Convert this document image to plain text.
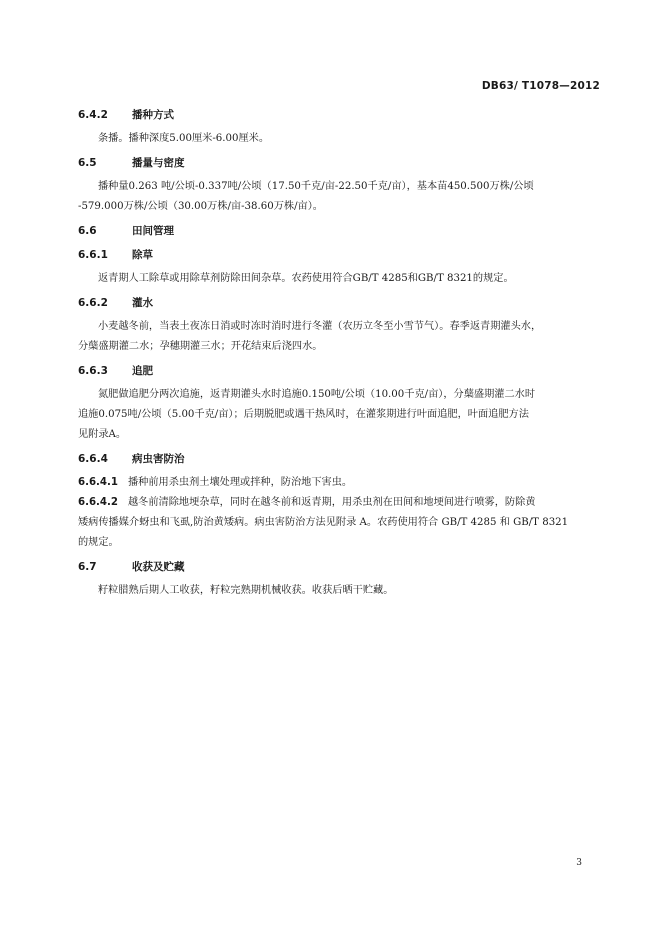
DB63/ T1078—2012

6.4.2 播种方式

条播。播种深度5.00厘米-6.00厘米。

6.5	播量与密度

播种量0.263 吨/公顷-0.337吨/公顷（17.50千克/亩-22.50千克/亩），基本苗450.500万株/公顷

-579.000万株/公顷（30.00万株/亩-38.60万株/亩）。

6.6	田间管理

6.6.1 除草

返青期人工除草或用除草剂防除田间杂草。农药使用符合GB/T 4285和GB/T 8321的规定。

6.6.2 灌水

小麦越冬前，当表土夜冻日消或时冻时消时进行冬灌（农历立冬至小雪节气）。春季返青期灌头水，

分蘖盛期灌二水；孕穗期灌三水；开花结束后浇四水。

6.6.3 追肥

氮肥做追肥分两次追施，返青期灌头水时追施0.150吨/公顷（10.00千克/亩），分蘖盛期灌二水时

追施0.075吨/公顷（5.00千克/亩）；后期脱肥或遇干热风时，在灌浆期进行叶面追肥，叶面追肥方法

见附录A。

6.6.4 病虫害防治

6.6.4.1 播种前用杀虫剂土壤处理或拌种，防治地下害虫。

6.6.4.2 越冬前清除地埂杂草，同时在越冬前和返青期，用杀虫剂在田间和地埂间进行喷雾，防除黄

矮病传播媒介蚜虫和飞虱,防治黄矮病。病虫害防治方法见附录 A。农药使用符合 GB/T 4285 和 GB/T 8321

的规定。

6.7	收获及贮藏

籽粒腊熟后期人工收获，籽粒完熟期机械收获。收获后晒干贮藏。

3
